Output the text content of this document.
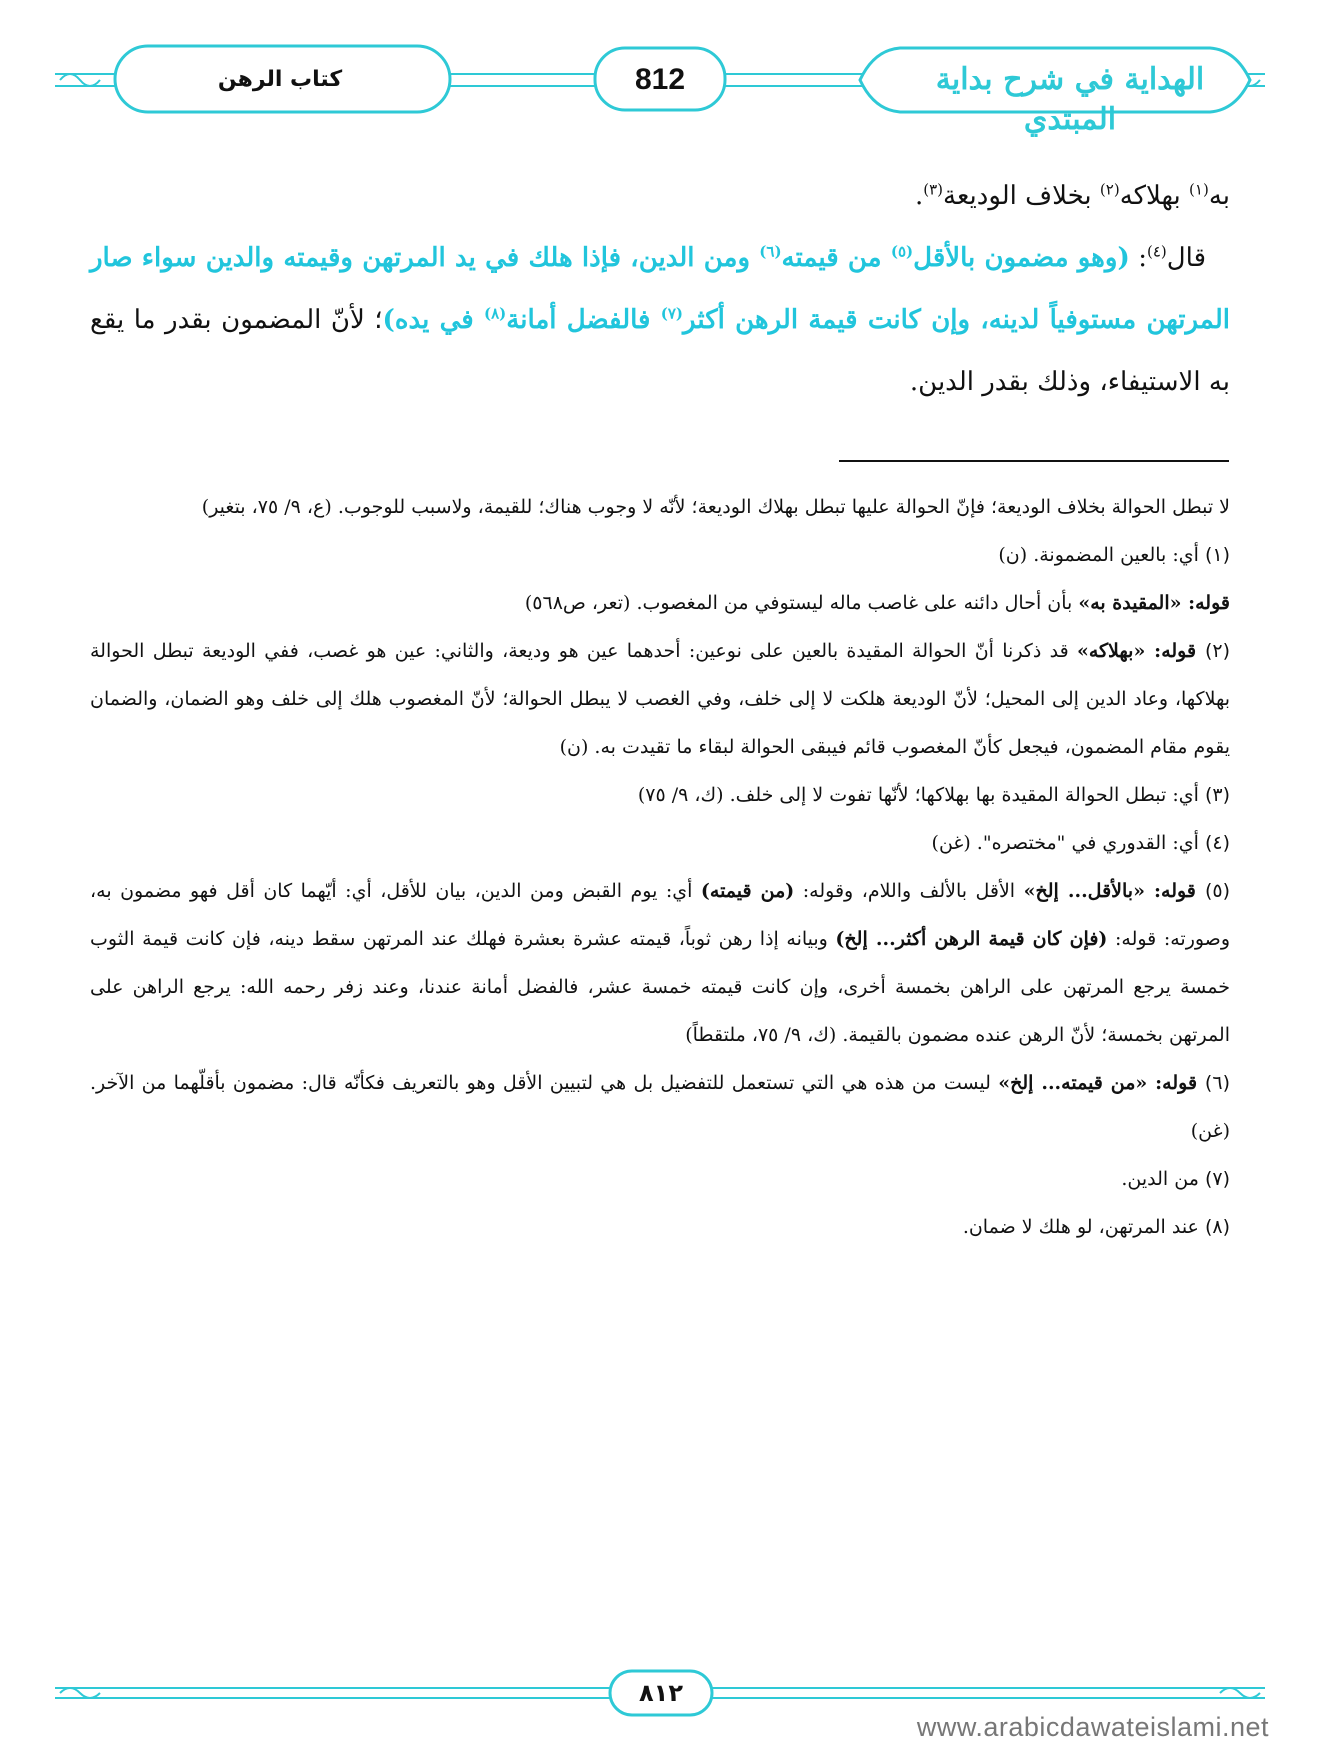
الهداية في شرح بداية المبتدي
812
كتاب الرهن

به$^{(١)}$ بهلاكه$^{(٢)}$ بخلاف الوديعة$^{(٣)}$.

قال$^{(٤)}$: (وهو مضمون بالأقل$^{(٥)}$ من قيمته$^{(٦)}$ ومن الدين، فإذا هلك في يد المرتهن وقيمته والدين سواء صار المرتهن مستوفياً لدينه، وإن كانت قيمة الرهن أكثر$^{(٧)}$ فالفضل أمانة$^{(٨)}$ في يده)؛ لأنّ المضمون بقدر ما يقع به الاستيفاء، وذلك بقدر الدين.

لا تبطل الحوالة بخلاف الوديعة؛ فإنّ الحوالة عليها تبطل بهلاك الوديعة؛ لأنّه لا وجوب هناك؛ للقيمة، ولاسبب للوجوب. (ع، ٩/ ٧٥، بتغير)

(١) أي: بالعين المضمونة. (ن)

قوله: «المقيدة به» بأن أحال دائنه على غاصب ماله ليستوفي من المغصوب. (تعر، ص٥٦٨)

(٢) قوله: «بهلاكه» قد ذكرنا أنّ الحوالة المقيدة بالعين على نوعين: أحدهما عين هو وديعة، والثاني: عين هو غصب، ففي الوديعة تبطل الحوالة بهلاكها، وعاد الدين إلى المحيل؛ لأنّ الوديعة هلكت لا إلى خلف، وفي الغصب لا يبطل الحوالة؛ لأنّ المغصوب هلك إلى خلف وهو الضمان، والضمان يقوم مقام المضمون، فيجعل كأنّ المغصوب قائم فيبقى الحوالة لبقاء ما تقيدت به. (ن)

(٣) أي: تبطل الحوالة المقيدة بها بهلاكها؛ لأنّها تفوت لا إلى خلف. (ك، ٩/ ٧٥)

(٤) أي: القدوري في "مختصره". (غن)

(٥) قوله: «بالأقل... إلخ» الأقل بالألف واللام، وقوله: (من قيمته) أي: يوم القبض ومن الدين، بيان للأقل، أي: أيّهما كان أقل فهو مضمون به، وصورته: قوله: (فإن كان قيمة الرهن أكثر... إلخ) وبيانه إذا رهن ثوباً، قيمته عشرة بعشرة فهلك عند المرتهن سقط دينه، فإن كانت قيمة الثوب خمسة يرجع المرتهن على الراهن بخمسة أخرى، وإن كانت قيمته خمسة عشر، فالفضل أمانة عندنا، وعند زفر رحمه الله: يرجع الراهن على المرتهن بخمسة؛ لأنّ الرهن عنده مضمون بالقيمة. (ك، ٩/ ٧٥، ملتقطاً)

(٦) قوله: «من قيمته... إلخ» ليست من هذه هي التي تستعمل للتفضيل بل هي لتبيين الأقل وهو بالتعريف فكأنّه قال: مضمون بأقلّهما من الآخر. (غن)

(٧) من الدين.

(٨) عند المرتهن، لو هلك لا ضمان.

٨١٢
www.arabicdawateislami.net
